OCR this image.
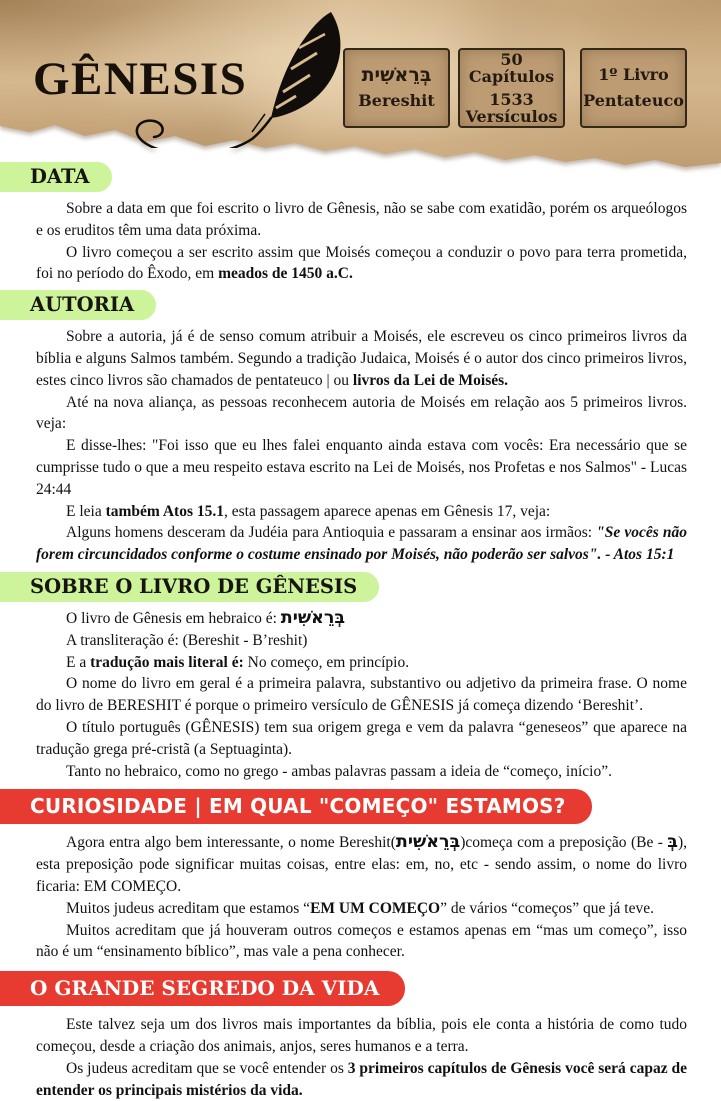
GÊNESIS	בְּרֵאשִׁית
Bereshit
50 Capítulos
1533 Versículos
1º Livro
Pentateuco
DATA

Sobre a data em que foi escrito o livro de Gênesis, não se sabe com exatidão, porém os arqueólogos e os eruditos têm uma data próxima.

O livro começou a ser escrito assim que Moisés começou a conduzir o povo para terra prometida, foi no período do Êxodo, em meados de 1450 a.C.

AUTORIA

Sobre a autoria, já é de senso comum atribuir a Moisés, ele escreveu os cinco primeiros livros da bíblia e alguns Salmos também. Segundo a tradição Judaica, Moisés é o autor dos cinco primeiros livros, estes cinco livros são chamados de pentateuco | ou livros da Lei de Moisés.

Até na nova aliança, as pessoas reconhecem autoria de Moisés em relação aos 5 primeiros livros. veja:

E disse-lhes: "Foi isso que eu lhes falei enquanto ainda estava com vocês: Era necessário que se cumprisse tudo o que a meu respeito estava escrito na Lei de Moisés, nos Profetas e nos Salmos" - Lucas 24:44

E leia também Atos 15.1, esta passagem aparece apenas em Gênesis 17, veja:

Alguns homens desceram da Judéia para Antioquia e passaram a ensinar aos irmãos: "Se vocês não forem circuncidados conforme o costume ensinado por Moisés, não poderão ser salvos". - Atos 15:1

SOBRE O LIVRO DE GÊNESIS

O livro de Gênesis em hebraico é: בְּרֵאשִׁית

A transliteração é: (Bereshit - B’reshit)

E a tradução mais literal é: No começo, em princípio.

O nome do livro em geral é a primeira palavra, substantivo ou adjetivo da primeira frase. O nome do livro de BERESHIT é porque o primeiro versículo de GÊNESIS já começa dizendo ‘Bereshit’.

O título português (GÊNESIS) tem sua origem grega e vem da palavra “geneseos” que aparece na tradução grega pré-cristã (a Septuaginta).

Tanto no hebraico, como no grego - ambas palavras passam a ideia de “começo, início”.

CURIOSIDADE | EM QUAL "COMEÇO" ESTAMOS?

Agora entra algo bem interessante, o nome Bereshit(בְּרֵאשִׁית)começa com a preposição (Be - בְּ), esta preposição pode significar muitas coisas, entre elas: em, no, etc - sendo assim, o nome do livro ficaria: EM COMEÇO.

Muitos judeus acreditam que estamos “EM UM COMEÇO” de vários “começos” que já teve.

Muitos acreditam que já houveram outros começos e estamos apenas em “mas um começo”, isso não é um “ensinamento bíblico”, mas vale a pena conhecer.

O GRANDE SEGREDO DA VIDA

Este talvez seja um dos livros mais importantes da bíblia, pois ele conta a história de como tudo começou, desde a criação dos animais, anjos, seres humanos e a terra.

Os judeus acreditam que se você entender os 3 primeiros capítulos de Gênesis você será capaz de entender os principais mistérios da vida.
